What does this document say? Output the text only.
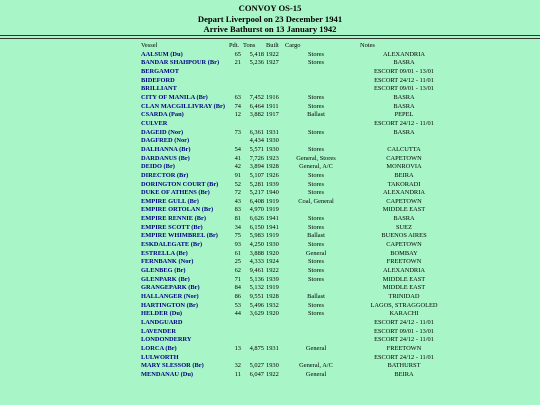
CONVOY OS-15
Depart Liverpool on 23 December 1941
Arrive Bathurst on 13 January 1942
Vessel	Pdt.	Tons	Built	Cargo	Notes
AALSUM (Du)	65	5,418	1922	Stores	ALEXANDRIA
BANDAR SHAHPOUR (Br)	21	5,236	1927	Stores	BASRA
BERGAMOT					ESCORT 09/01 - 13/01
BIDEFORD					ESCORT 24/12 - 11/01
BRILLIANT					ESCORT 09/01 - 13/01
CITY OF MANILA (Br)	63	7,452	1916	Stores	BASRA
CLAN MACGILLIVRAY (Br)	74	6,464	1911	Stores	BASRA
CSARDA (Pan)	12	3,882	1917	Ballast	PEPEL
CULVER					ESCORT 24/12 - 11/01
DAGEID (Nor)	73	6,361	1931	Stores	BASRA
DAGFRED (Nor)		4,434	1930		
DALHANNA (Br)	54	5,571	1930	Stores	CALCUTTA
DARDANUS (Br)	41	7,726	1923	General, Stores	CAPETOWN
DEIDO (Br)	42	3,894	1928	General, A/C	MONROVIA
DIRECTOR (Br)	91	5,107	1926	Stores	BEIRA
DORINGTON COURT (Br)	52	5,281	1939	Stores	TAKORADI
DUKE OF ATHENS (Br)	72	5,217	1940	Stores	ALEXANDRIA
EMPIRE GULL (Br)	43	6,408	1919	Coal, General	CAPETOWN
EMPIRE ORTOLAN (Br)	83	4,970	1919		MIDDLE EAST
EMPIRE RENNIE (Br)	81	6,626	1941	Stores	BASRA
EMPIRE SCOTT (Br)	34	6,150	1941	Stores	SUEZ
EMPIRE WHIMBREL (Br)	75	5,983	1919	Ballast	BUENOS AIRES
ESKDALEGATE (Br)	93	4,250	1930	Stores	CAPETOWN
ESTRELLA (Br)	61	3,888	1920	General	BOMBAY
FERNBANK (Nor)	25	4,333	1924	Stores	FREETOWN
GLENBEG (Br)	62	9,461	1922	Stores	ALEXANDRIA
GLENPARK (Br)	71	5,136	1939	Stores	MIDDLE EAST
GRANGEPARK (Br)	84	5,132	1919		MIDDLE EAST
HALLANGER (Nor)	86	9,551	1928	Ballast	TRINIDAD
HARTINGTON (Br)	53	5,496	1932	Stores	LAGOS, STRAGGOLED
HELDER (Du)	44	3,629	1920	Stores	KARACHI
LANDGUARD					ESCORT 24/12 - 11/01
LAVENDER					ESCORT 09/01 - 13/01
LONDONDERRY					ESCORT 24/12 - 11/01
LORCA (Br)	13	4,875	1931	General	FREETOWN
LULWORTH					ESCORT 24/12 - 11/01
MARY SLESSOR (Br)	32	5,027	1930	General, A/C	BATHURST
MENDANAU (Du)	11	6,047	1922	General	BEIRA
